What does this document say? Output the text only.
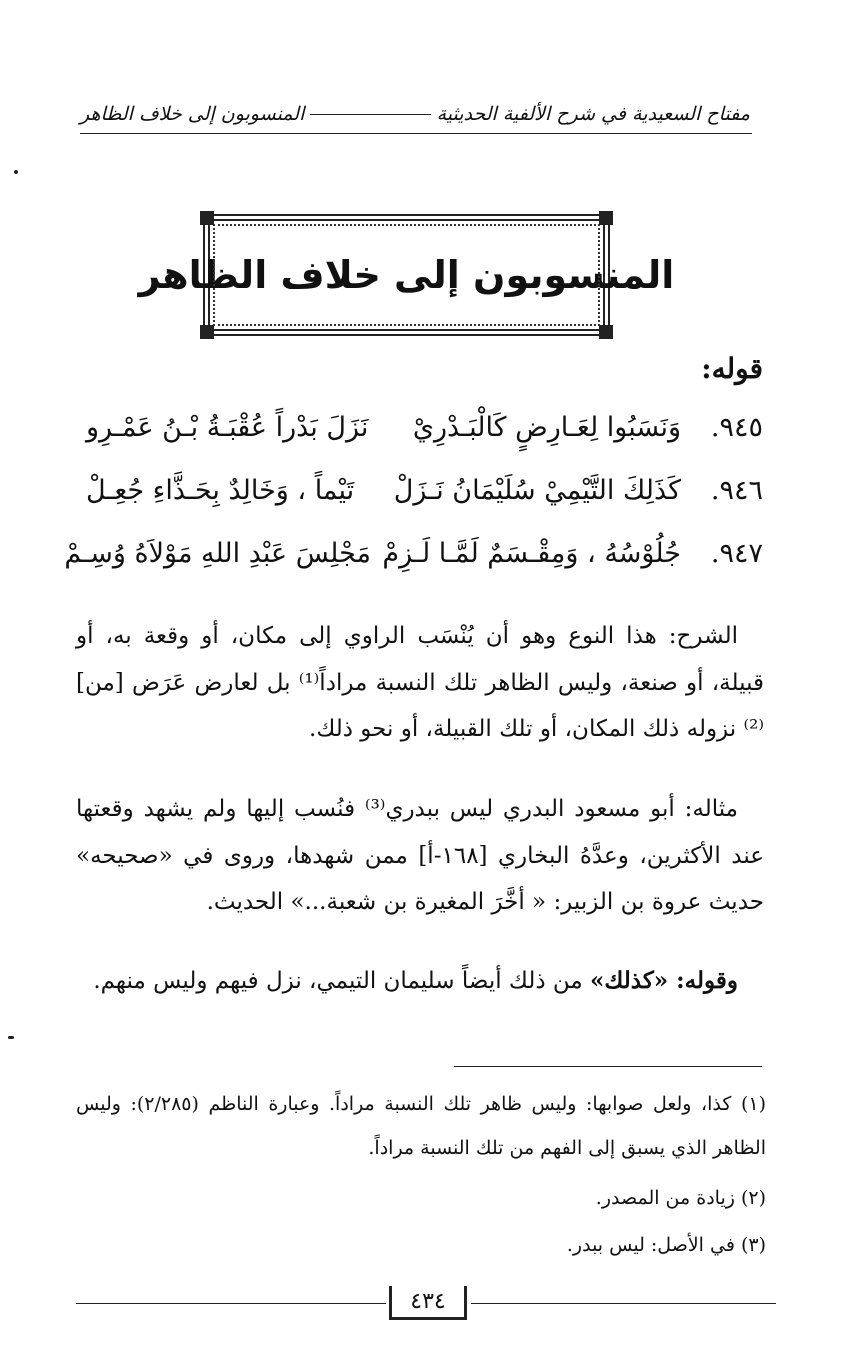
مفتاح السعيدية في شرح الألفية الحديثية
المنسوبون إلى خلاف الظاهر
المنسوبون إلى خلاف الظاهر
قوله:
٩٤٥.
وَنَسَبُوا لِعَـارِضٍ كَالْبَـدْرِيْ
نَزَلَ بَدْراً عُقْبَـةُ بْـنُ عَمْـرِو
٩٤٦.
كَذَلِكَ التَّيْمِيْ سُلَيْمَانُ نَـزَلْ
تَيْماً ، وَخَالِدٌ بِحَـذَّاءِ جُعِـلْ
٩٤٧.
جُلُوْسُهُ ، وَمِقْـسَمٌ لَمَّـا لَـزِمْ
مَجْلِسَ عَبْدِ اللهِ مَوْلاَهُ وُسِـمْ
الشرح: هذا النوع وهو أن يُنْسَب الراوي إلى مكان، أو وقعة به، أو قبيلة، أو صنعة، وليس الظاهر تلك النسبة مراداً⁽¹⁾ بل لعارض عَرَض [من]⁽²⁾ نزوله ذلك المكان، أو تلك القبيلة، أو نحو ذلك.
مثاله: أبو مسعود البدري ليس ببدري⁽³⁾ فنُسب إليها ولم يشهد وقعتها عند الأكثرين، وعدَّهُ البخاري [١٦٨-أ] ممن شهدها، وروى في «صحيحه» حديث عروة بن الزبير: « أخَّرَ المغيرة بن شعبة...» الحديث.
وقوله: «كذلك» من ذلك أيضاً سليمان التيمي، نزل فيهم وليس منهم.
(١) كذا، ولعل صوابها: وليس ظاهر تلك النسبة مراداً. وعبارة الناظم (٢/٢٨٥): وليس الظاهر الذي يسبق إلى الفهم من تلك النسبة مراداً.
(٢) زيادة من المصدر.
(٣) في الأصل: ليس ببدر.
٤٣٤
